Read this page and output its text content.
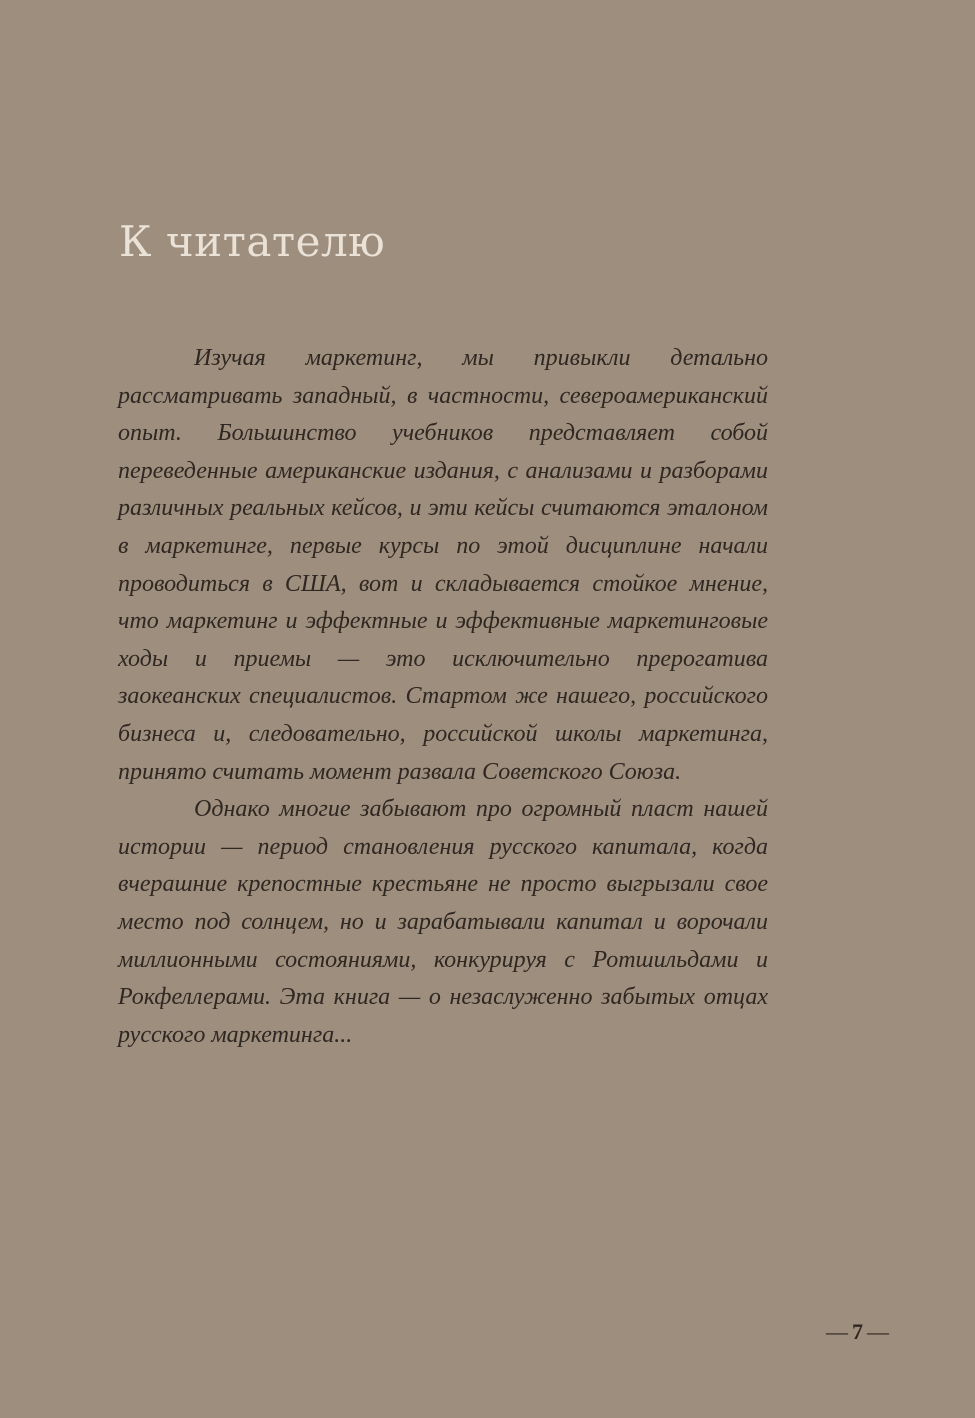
К читателю

Изучая маркетинг, мы привыкли детально рассматривать западный, в частности, североамериканский опыт. Большинство учебников представляет собой переведенные американские издания, с анализами и разборами различных реальных кейсов, и эти кейсы считаются эталоном в маркетинге, первые курсы по этой дисциплине начали проводиться в США, вот и складывается стойкое мнение, что маркетинг и эффектные и эффективные маркетинговые ходы и приемы — это исключительно прерогатива заокеанских специалистов. Стартом же нашего, российского бизнеса и, следовательно, российской школы маркетинга, принято считать момент развала Советского Союза.

Однако многие забывают про огромный пласт нашей истории — период становления русского капитала, когда вчерашние крепостные крестьяне не просто выгрызали свое место под солнцем, но и зарабатывали капитал и ворочали миллионными состояниями, конкурируя с Ротшильдами и Рокфеллерами. Эта книга — о незаслуженно забытых отцах русского маркетинга...

— 7 —
